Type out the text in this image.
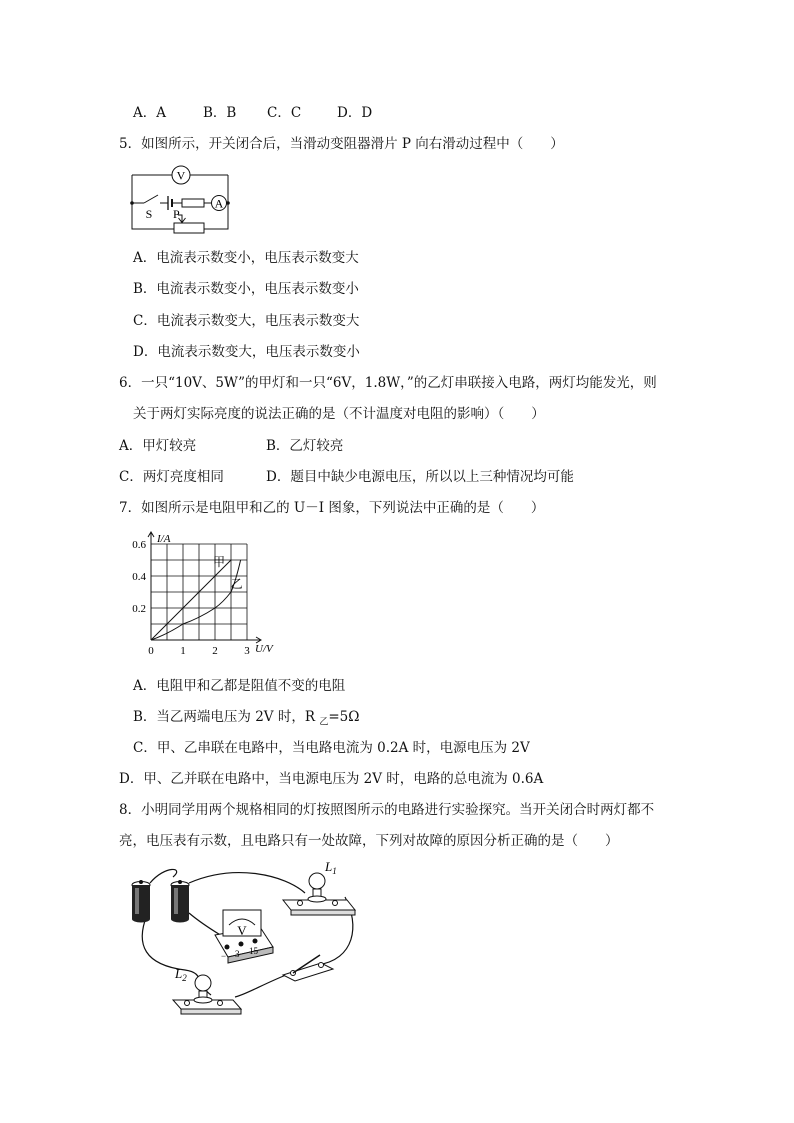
A．A	B．B C．C	D．D
5．如图所示，开关闭合后，当滑动变阻器滑片 P 向右滑动过程中（　　）
V
A
S P
A．电流表示数变小，电压表示数变大
B．电流表示数变小，电压表示数变小
C．电流表示数变大，电压表示数变大
D．电流表示数变大，电压表示数变小
6．一只“10V、5W”的甲灯和一只“6V，1.8W，”的乙灯串联接入电路，两灯均能发光，则
关于两灯实际亮度的说法正确的是（不计温度对电阻的影响）（　　）
A．甲灯较亮	B．乙灯较亮
C．两灯亮度相同	D．题目中缺少电源电压，所以以上三种情况均可能
7．如图所示是电阻甲和乙的 U－I 图象，下列说法中正确的是（　　）
0 1 2 3
0.2
0.4
0.6 I/A
U/V
甲
乙
A．电阻甲和乙都是阻值不变的电阻
B．当乙两端电压为 2V 时，R $_乙$=5Ω
C．甲、乙串联在电路中，当电路电流为 0.2A 时，电源电压为 2V
D．甲、乙并联在电路中，当电源电压为 2V 时，电路的总电流为 0.6A
8．小明同学用两个规格相同的灯按照图所示的电路进行实验探究。当开关闭合时两灯都不
亮，电压表有示数，且电路只有一处故障，下列对故障的原因分析正确的是（　　）
$L_1$
V
− 3 15
$L_2$
